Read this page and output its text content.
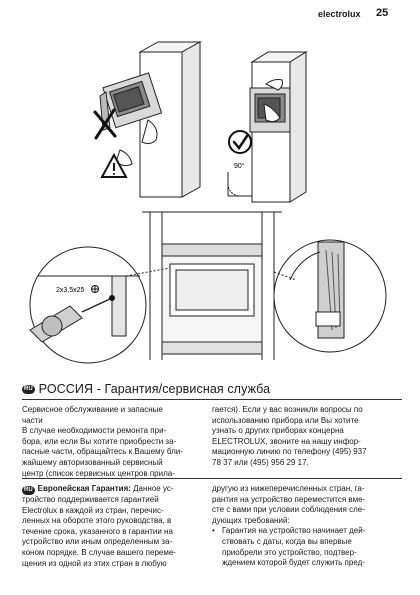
electrolux 25
90°
2x3,5x25
RU РОССИЯ - Гарантия/сервисная служба

Сервисное обслуживание и запасные

части

В случае необходимости ремонта при-

бора, или если Вы хотите приобрести за-

пасные части, обращайтесь к Вашему бли-

жайшему авторизованный сервисный

центр (список сервисных центров прила-

гается). Если у вас возникли вопросы по

использованию прибора или Вы хотите

узнать о других приборах концерна

ELECTROLUX, звоните на нашу инфор-

мационную линию по телефону (495) 937

78 37 или (495) 956 29 17.

RU Европейская Гарантия: Данное ус-

тройство поддерживается гарантией

Electrolux в каждой из стран, перечис-

ленных на обороте этого руководства, в

течение срока, указанного в гарантии на

устройство или иным определенным за-

коном порядке. В случае вашего переме-

щения из одной из этих стран в любую

другую из нижеперечисленных стран, га-

рантия на устройство переместится вме-

сте с вами при условии соблюдения сле-

дующих требований:

• Гарантия на устройство начинает дей-

ствовать с даты, когда вы впервые

приобрели это устройство, подтвер-

ждением которой будет служить пред-
